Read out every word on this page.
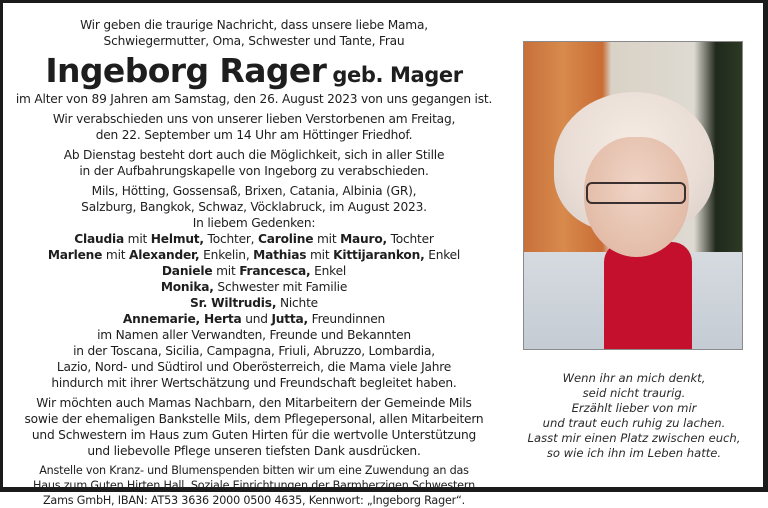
Wir geben die traurige Nachricht, dass unsere liebe Mama,
Schwiegermutter, Oma, Schwester und Tante, Frau
Ingeborg Rager geb. Mager
im Alter von 89 Jahren am Samstag, den 26. August 2023 von uns gegangen ist.
Wir verabschieden uns von unserer lieben Verstorbenen am Freitag,
den 22. September um 14 Uhr am Höttinger Friedhof.
Ab Dienstag besteht dort auch die Möglichkeit, sich in aller Stille
in der Aufbahrungskapelle von Ingeborg zu verabschieden.
Mils, Hötting, Gossensaß, Brixen, Catania, Albinia (GR),
Salzburg, Bangkok, Schwaz, Vöcklabruck, im August 2023.
In liebem Gedenken:
Claudia mit Helmut, Tochter, Caroline mit Mauro, Tochter
Marlene mit Alexander, Enkelin, Mathias mit Kittijarankon, Enkel
Daniele mit Francesca, Enkel
Monika, Schwester mit Familie
Sr. Wiltrudis, Nichte
Annemarie, Herta und Jutta, Freundinnen
im Namen aller Verwandten, Freunde und Bekannten
in der Toscana, Sicilia, Campagna, Friuli, Abruzzo, Lombardia,
Lazio, Nord- und Südtirol und Oberösterreich, die Mama viele Jahre
hindurch mit ihrer Wertschätzung und Freundschaft begleitet haben.
Wir möchten auch Mamas Nachbarn, den Mitarbeitern der Gemeinde Mils
sowie der ehemaligen Bankstelle Mils, dem Pflegepersonal, allen Mitarbeitern
und Schwestern im Haus zum Guten Hirten für die wertvolle Unterstützung
und liebevolle Pflege unseren tiefsten Dank ausdrücken.
Anstelle von Kranz- und Blumenspenden bitten wir um eine Zuwendung an das
Haus zum Guten Hirten Hall, Soziale Einrichtungen der Barmherzigen Schwestern
Zams GmbH, IBAN: AT53 3636 2000 0500 4635, Kennwort: „Ingeborg Rager“.
Wenn ihr an mich denkt,
seid nicht traurig.
Erzählt lieber von mir
und traut euch ruhig zu lachen.
Lasst mir einen Platz zwischen euch,
so wie ich ihn im Leben hatte.
